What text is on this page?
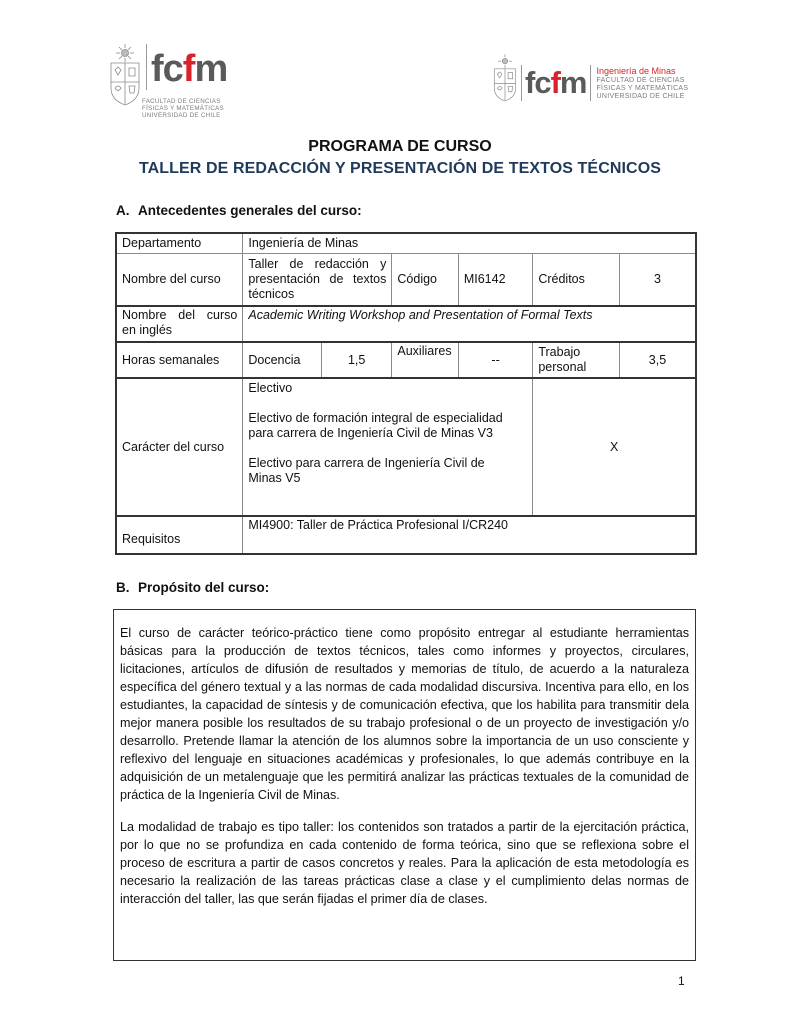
fcfm
FACULTAD DE CIENCIAS
FÍSICAS Y MATEMÁTICAS
UNIVERSIDAD DE CHILE
fcfm Ingeniería de Minas
FACULTAD DE CIENCIAS
FÍSICAS Y MATEMÁTICAS
UNIVERSIDAD DE CHILE
PROGRAMA DE CURSO
TALLER DE REDACCIÓN Y PRESENTACIÓN DE TEXTOS TÉCNICOS
A. Antecedentes generales del curso:
Departamento	Ingeniería de Minas					
Nombre del curso	Taller de redacción y presentación de textos técnicos		Código	MI6142	Créditos	3
Nombre del curso en inglés	Academic Writing Workshop and Presentation of Formal Texts					
Horas semanales	Docencia	1,5	Auxiliares	--	Trabajo personal	3,5
Carácter del curso	Electivo
Electivo de formación integral de especialidad para carrera de Ingeniería Civil de Minas V3
Electivo para carrera de Ingeniería Civil de Minas V5				X	
Requisitos	MI4900: Taller de Práctica Profesional I/CR240					
B. Propósito del curso:

El curso de carácter teórico-práctico tiene como propósito entregar al estudiante herramientas básicas para la producción de textos técnicos, tales como informes y proyectos, circulares, licitaciones, artículos de difusión de resultados y memorias de título, de acuerdo a la naturaleza específica del género textual y a las normas de cada modalidad discursiva. Incentiva para ello, en los estudiantes, la capacidad de síntesis y de comunicación efectiva, que los habilita para transmitir dela mejor manera posible los resultados de su trabajo profesional o de un proyecto de investigación y/o desarrollo. Pretende llamar la atención de los alumnos sobre la importancia de un uso consciente y reflexivo del lenguaje en situaciones académicas y profesionales, lo que además contribuye en la adquisición de un metalenguaje que les permitirá analizar las prácticas textuales de la comunidad de práctica de la Ingeniería Civil de Minas.

La modalidad de trabajo es tipo taller: los contenidos son tratados a partir de la ejercitación práctica, por lo que no se profundiza en cada contenido de forma teórica, sino que se reflexiona sobre el proceso de escritura a partir de casos concretos y reales. Para la aplicación de esta metodología es necesario la realización de las tareas prácticas clase a clase y el cumplimiento delas normas de interacción del taller, las que serán fijadas el primer día de clases.

1
